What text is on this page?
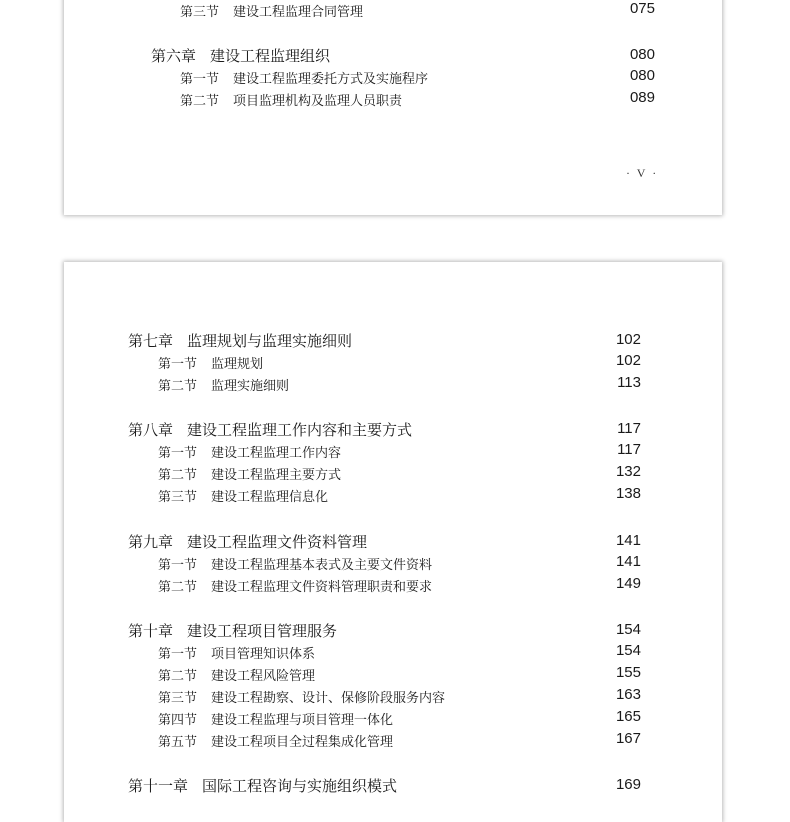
第三节 建设工程监理合同管理	075
第六章 建设工程监理组织	080
第一节 建设工程监理委托方式及实施程序	080
第二节 项目监理机构及监理人员职责	089
· V ·
第七章 监理规划与监理实施细则	102
第一节 监理规划	102
第二节 监理实施细则	113
第八章 建设工程监理工作内容和主要方式	117
第一节 建设工程监理工作内容	117
第二节 建设工程监理主要方式	132
第三节 建设工程监理信息化	138
第九章 建设工程监理文件资料管理	141
第一节 建设工程监理基本表式及主要文件资料	141
第二节 建设工程监理文件资料管理职责和要求	149
第十章 建设工程项目管理服务	154
第一节 项目管理知识体系	154
第二节 建设工程风险管理	155
第三节 建设工程勘察、设计、保修阶段服务内容	163
第四节 建设工程监理与项目管理一体化	165
第五节 建设工程项目全过程集成化管理	167
第十一章 国际工程咨询与实施组织模式	169
